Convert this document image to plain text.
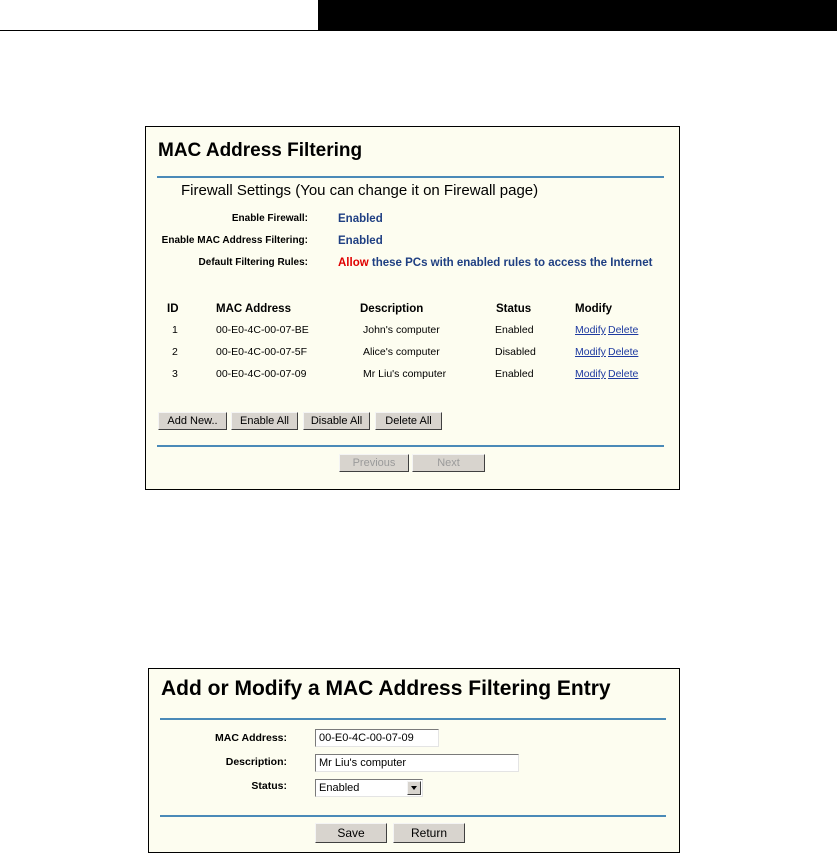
MAC Address Filtering
Firewall Settings (You can change it on Firewall page)
Enable Firewall:	Enabled
Enable MAC Address Filtering:	Enabled
Default Filtering Rules:	Allow these PCs with enabled rules to access the Internet
ID	MAC Address	Description	Status	Modify
1	00-E0-4C-00-07-BE	John's computer	Enabled	Modify Delete
2	00-E0-4C-00-07-5F	Alice's computer	Disabled	Modify Delete
3	00-E0-4C-00-07-09	Mr Liu's computer	Enabled	Modify Delete
Add New..	Enable All	Disable All	Delete All
Previous	Next
Add or Modify a MAC Address Filtering Entry
MAC Address:
00-E0-4C-00-07-09
Description:
Mr Liu's computer
Status:	Enabled
Save	Return
